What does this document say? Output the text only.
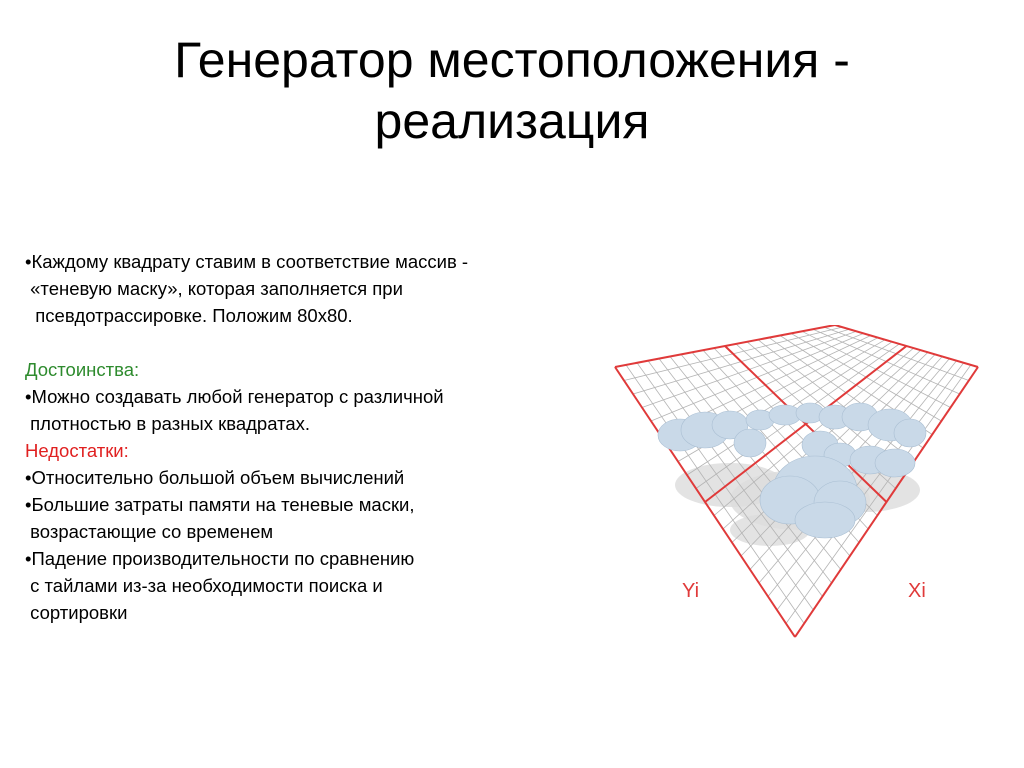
Генератор местоположения -
реализация
•Каждому квадрату ставим в соответствие массив -
«теневую маску», которая заполняется при
псевдотрассировке. Положим 80х80.
Достоинства:
•Можно создавать любой генератор с различной
плотностью в разных квадратах.
Недостатки:
•Относительно большой объем вычислений
•Большие затраты памяти на теневые маски,
возрастающие со временем
•Падение производительности по сравнению
с тайлами из-за необходимости поиска и
сортировки
Yi	Xi
